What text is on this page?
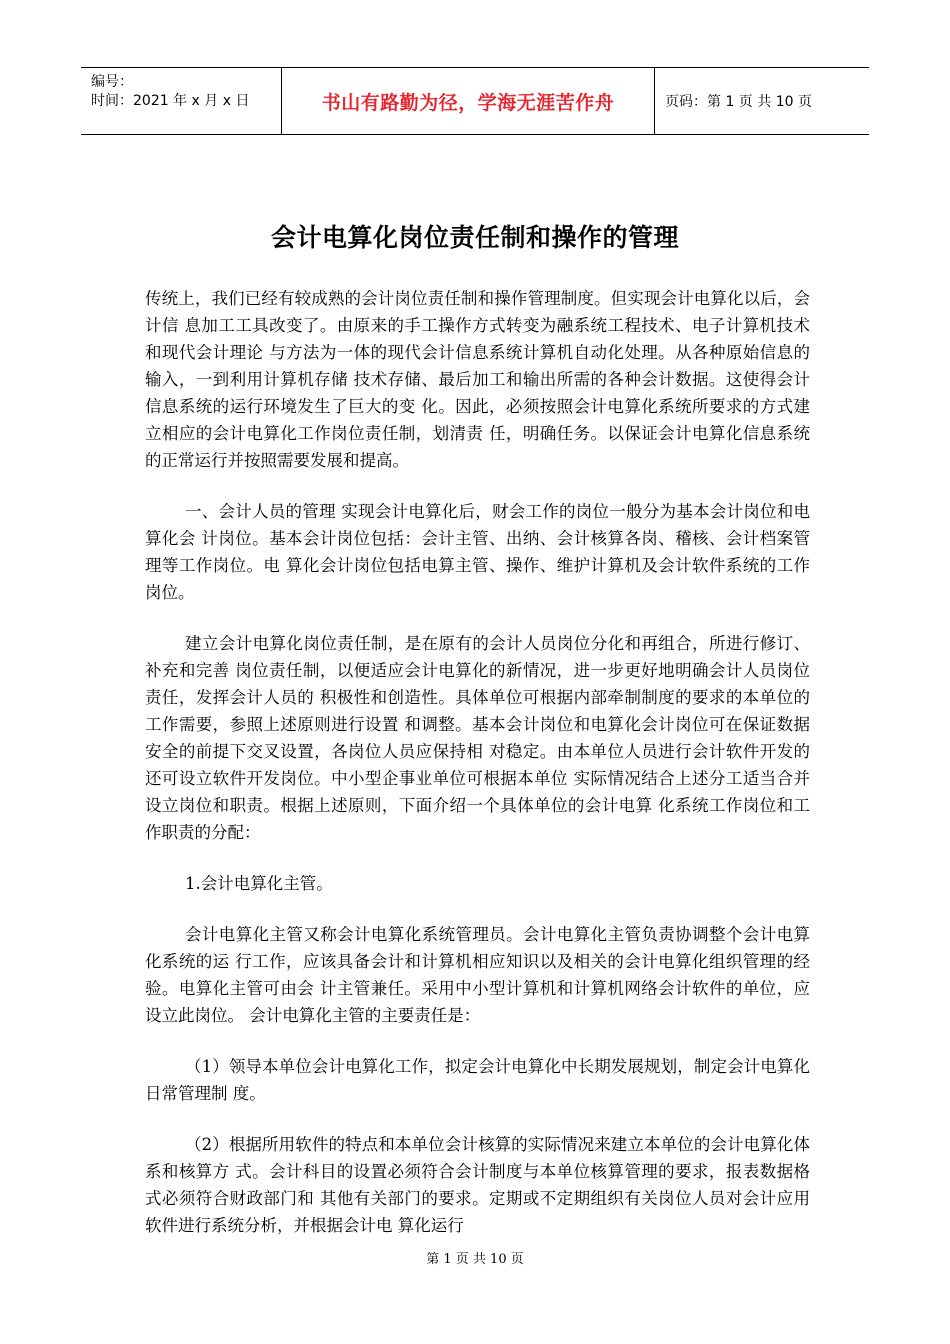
编号：
时间：2021 年 x 月 x 日	书山有路勤为径，学海无涯苦作舟	页码：第 1 页 共 10 页
会计电算化岗位责任制和操作的管理

传统上，我们已经有较成熟的会计岗位责任制和操作管理制度。但实现会计电算化以后，会计信 息加工工具改变了。由原来的手工操作方式转变为融系统工程技术、电子计算机技术和现代会计理论 与方法为一体的现代会计信息系统计算机自动化处理。从各种原始信息的输入，一到利用计算机存储 技术存储、最后加工和输出所需的各种会计数据。这使得会计信息系统的运行环境发生了巨大的变 化。因此，必须按照会计电算化系统所要求的方式建立相应的会计电算化工作岗位责任制，划清责 任，明确任务。以保证会计电算化信息系统的正常运行并按照需要发展和提高。

一、会计人员的管理 实现会计电算化后，财会工作的岗位一般分为基本会计岗位和电算化会 计岗位。基本会计岗位包括：会计主管、出纳、会计核算各岗、稽核、会计档案管理等工作岗位。电 算化会计岗位包括电算主管、操作、维护计算机及会计软件系统的工作岗位。

建立会计电算化岗位责任制，是在原有的会计人员岗位分化和再组合，所进行修订、补充和完善 岗位责任制，以便适应会计电算化的新情况，进一步更好地明确会计人员岗位责任，发挥会计人员的 积极性和创造性。具体单位可根据内部牵制制度的要求的本单位的工作需要，参照上述原则进行设置 和调整。基本会计岗位和电算化会计岗位可在保证数据安全的前提下交叉设置，各岗位人员应保持相 对稳定。由本单位人员进行会计软件开发的还可设立软件开发岗位。中小型企事业单位可根据本单位 实际情况结合上述分工适当合并设立岗位和职责。根据上述原则，下面介绍一个具体单位的会计电算 化系统工作岗位和工作职责的分配：

1.会计电算化主管。

会计电算化主管又称会计电算化系统管理员。会计电算化主管负责协调整个会计电算化系统的运 行工作，应该具备会计和计算机相应知识以及相关的会计电算化组织管理的经验。电算化主管可由会 计主管兼任。采用中小型计算机和计算机网络会计软件的单位，应设立此岗位。 会计电算化主管的主要责任是：

（1）领导本单位会计电算化工作，拟定会计电算化中长期发展规划，制定会计电算化日常管理制 度。

（2）根据所用软件的特点和本单位会计核算的实际情况来建立本单位的会计电算化体系和核算方 式。会计科目的设置必须符合会计制度与本单位核算管理的要求，报表数据格式必须符合财政部门和 其他有关部门的要求。定期或不定期组织有关岗位人员对会计应用软件进行系统分析，并根据会计电 算化运行

第 1 页 共 10 页
